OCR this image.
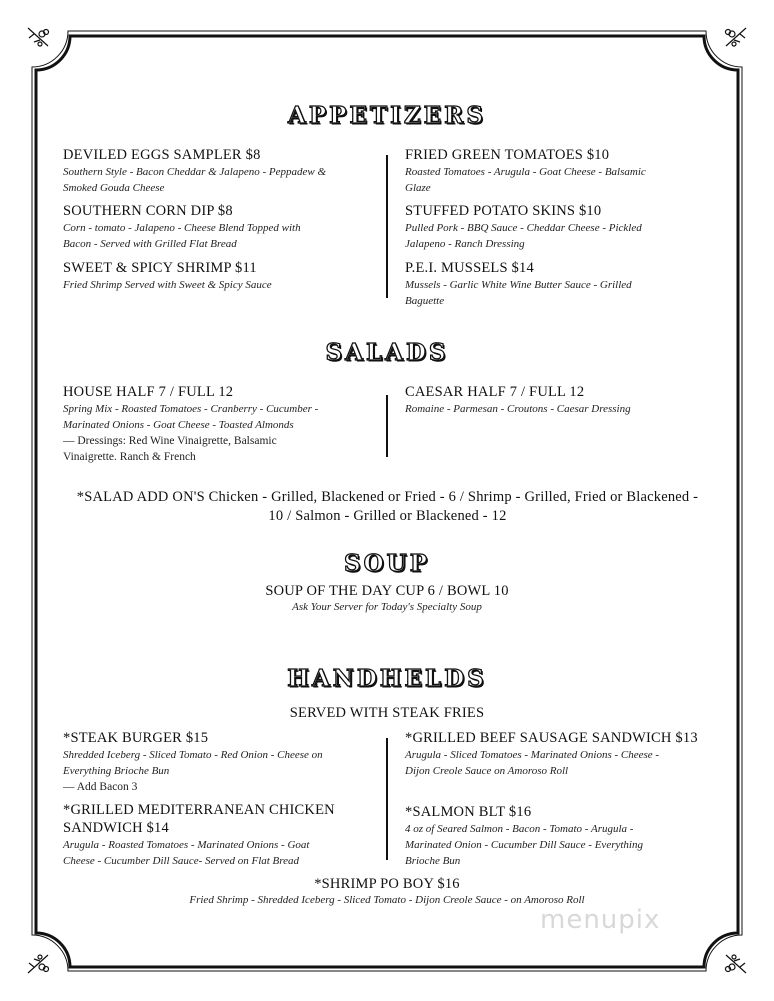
APPETIZERS
DEVILED EGGS SAMPLER $8
Southern Style - Bacon Cheddar & Jalapeno - Peppadew & Smoked Gouda Cheese
SOUTHERN CORN DIP $8
Corn - tomato - Jalapeno - Cheese Blend Topped with Bacon - Served with Grilled Flat Bread
SWEET & SPICY SHRIMP $11
Fried Shrimp Served with Sweet & Spicy Sauce
FRIED GREEN TOMATOES $10
Roasted Tomatoes - Arugula - Goat Cheese - Balsamic Glaze
STUFFED POTATO SKINS $10
Pulled Pork - BBQ Sauce - Cheddar Cheese - Pickled Jalapeno - Ranch Dressing
P.E.I. MUSSELS $14
Mussels - Garlic White Wine Butter Sauce - Grilled Baguette
SALADS
HOUSE HALF 7 / FULL 12
Spring Mix - Roasted Tomatoes - Cranberry - Cucumber - Marinated Onions - Goat Cheese - Toasted Almonds
— Dressings: Red Wine Vinaigrette, Balsamic Vinaigrette. Ranch & French
CAESAR HALF 7 / FULL 12
Romaine - Parmesan - Croutons - Caesar Dressing
*SALAD ADD ON'S Chicken - Grilled, Blackened or Fried - 6 / Shrimp - Grilled, Fried or Blackened - 10 / Salmon - Grilled or Blackened - 12
SOUP
SOUP OF THE DAY CUP 6 / BOWL 10
Ask Your Server for Today's Specialty Soup
HANDHELDS
SERVED WITH STEAK FRIES
*STEAK BURGER $15
Shredded Iceberg - Sliced Tomato - Red Onion - Cheese on Everything Brioche Bun
— Add Bacon 3
*GRILLED MEDITERRANEAN CHICKEN SANDWICH $14
Arugula - Roasted Tomatoes - Marinated Onions - Goat Cheese - Cucumber Dill Sauce- Served on Flat Bread
*GRILLED BEEF SAUSAGE SANDWICH $13
Arugula - Sliced Tomatoes - Marinated Onions - Cheese - Dijon Creole Sauce on Amoroso Roll
*SALMON BLT $16
4 oz of Seared Salmon - Bacon - Tomato - Arugula - Marinated Onion - Cucumber Dill Sauce - Everything Brioche Bun
*SHRIMP PO BOY $16
Fried Shrimp - Shredded Iceberg - Sliced Tomato - Dijon Creole Sauce - on Amoroso Roll
menupix
